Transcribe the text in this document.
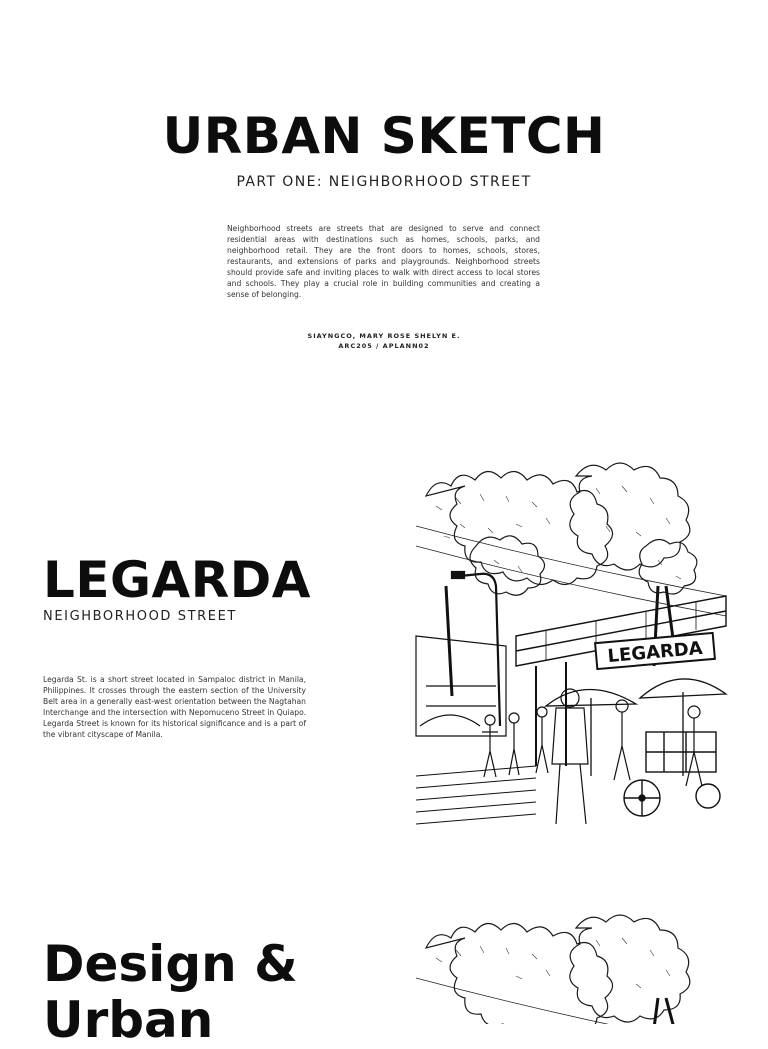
URBAN SKETCH

PART ONE: NEIGHBORHOOD STREET

Neighborhood streets are streets that are designed to serve and connect residential areas with destinations such as homes, schools, parks, and neighborhood retail. They are the front doors to homes, schools, stores, restaurants, and extensions of parks and playgrounds. Neighborhood streets should provide safe and inviting places to walk with direct access to local stores and schools. They play a crucial role in building communities and creating a sense of belonging.

SIAYNGCO, MARY ROSE SHELYN E.

ARC205 / APLANN02

LEGARDA

NEIGHBORHOOD STREET

Legarda St. is a short street located in Sampaloc district in Manila, Philippines. It crosses through the eastern section of the University Belt area in a generally east-west orientation between the Nagtahan Interchange and the intersection with Nepomuceno Street in Quiapo. Legarda Street is known for its historical significance and is a part of the vibrant cityscape of Manila.

LEGARDA
Design &
Urban
